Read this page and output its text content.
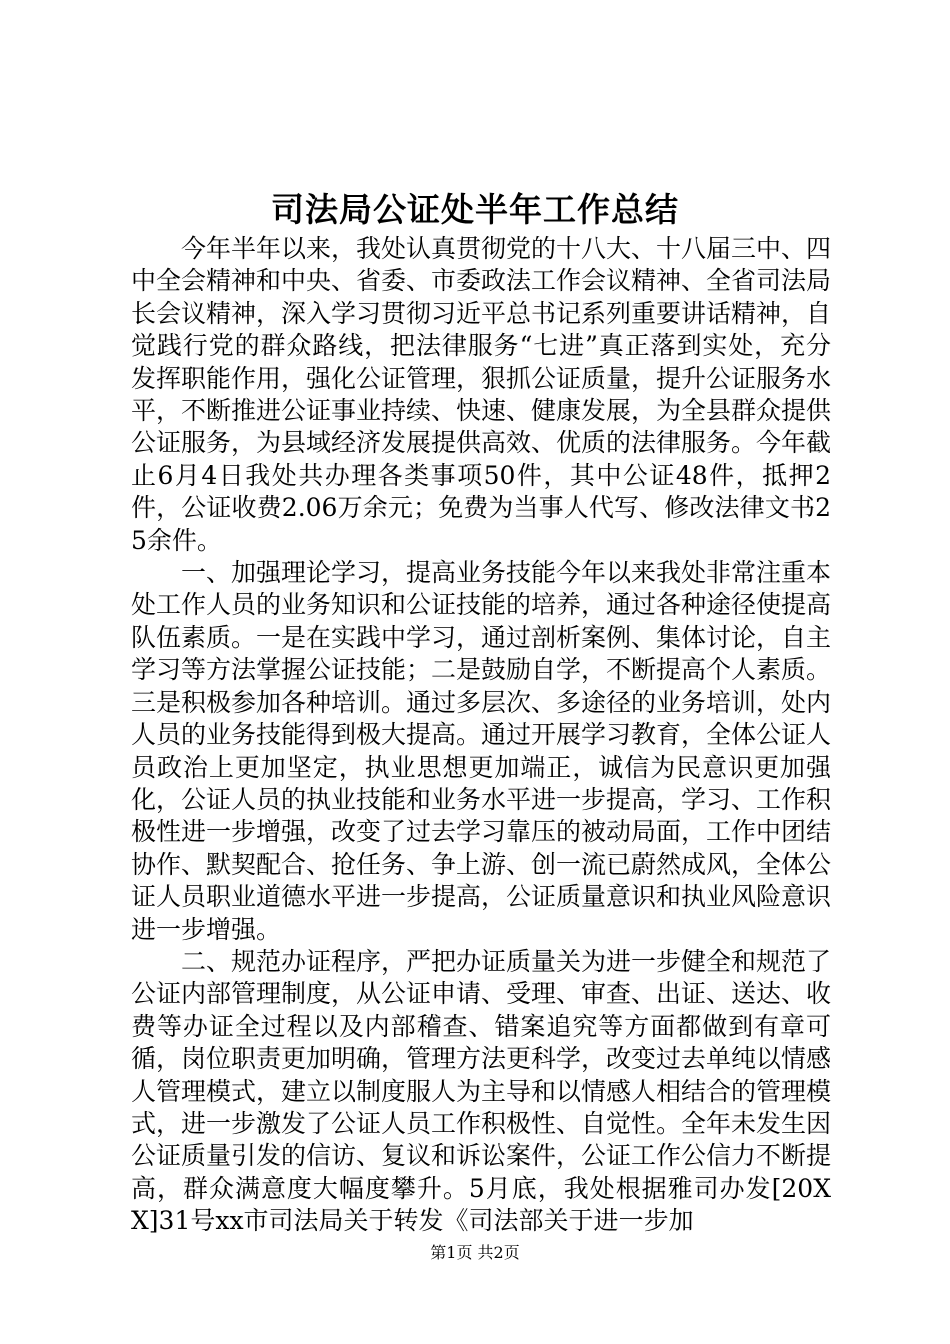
司法局公证处半年工作总结

今年半年以来，我处认真贯彻党的十八大、十八届三中、四中全会精神和中央、省委、市委政法工作会议精神、全省司法局长会议精神，深入学习贯彻习近平总书记系列重要讲话精神，自觉践行党的群众路线，把法律服务“七进”真正落到实处，充分发挥职能作用，强化公证管理，狠抓公证质量，提升公证服务水平，不断推进公证事业持续、快速、健康发展，为全县群众提供公证服务，为县域经济发展提供高效、优质的法律服务。今年截止6月4日我处共办理各类事项50件，其中公证48件，抵押2件，公证收费2.06万余元；免费为当事人代写、修改法律文书25余件。

一、加强理论学习，提高业务技能今年以来我处非常注重本处工作人员的业务知识和公证技能的培养，通过各种途径使提高队伍素质。一是在实践中学习，通过剖析案例、集体讨论，自主学习等方法掌握公证技能；二是鼓励自学，不断提高个人素质。三是积极参加各种培训。通过多层次、多途径的业务培训，处内人员的业务技能得到极大提高。通过开展学习教育，全体公证人员政治上更加坚定，执业思想更加端正，诚信为民意识更加强化，公证人员的执业技能和业务水平进一步提高，学习、工作积极性进一步增强，改变了过去学习靠压的被动局面，工作中团结协作、默契配合、抢任务、争上游、创一流已蔚然成风，全体公证人员职业道德水平进一步提高，公证质量意识和执业风险意识进一步增强。

二、规范办证程序，严把办证质量关为进一步健全和规范了公证内部管理制度，从公证申请、受理、审查、出证、送达、收费等办证全过程以及内部稽查、错案追究等方面都做到有章可循，岗位职责更加明确，管理方法更科学，改变过去单纯以情感人管理模式，建立以制度服人为主导和以情感人相结合的管理模式，进一步激发了公证人员工作积极性、自觉性。全年未发生因公证质量引发的信访、复议和诉讼案件，公证工作公信力不断提高，群众满意度大幅度攀升。5月底，我处根据雅司办发[20XX]31号xx市司法局关于转发《司法部关于进一步加

第1页 共2页
